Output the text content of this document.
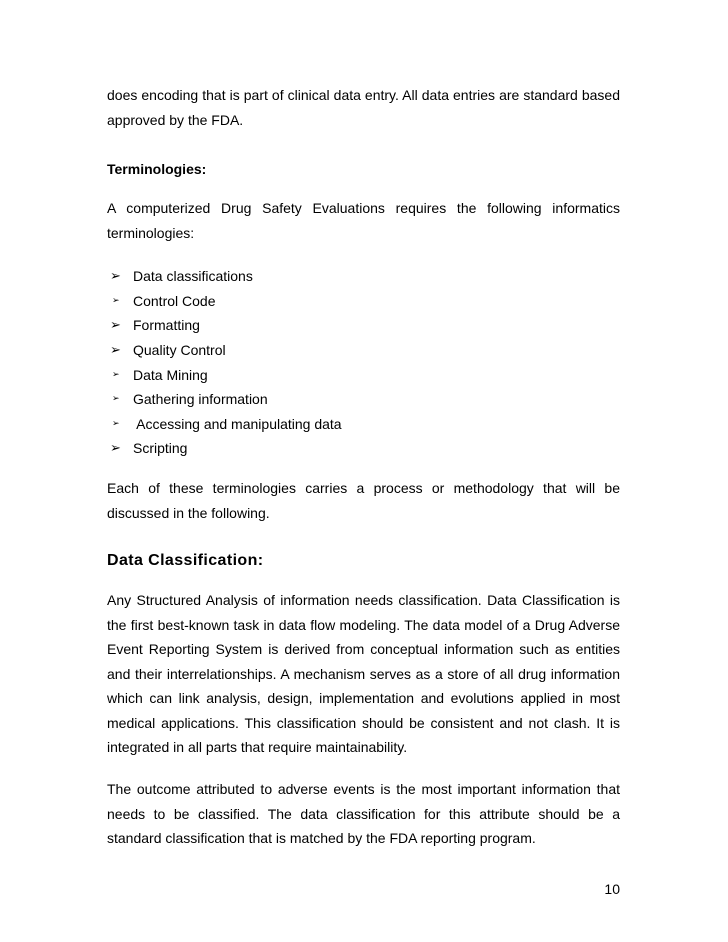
does encoding that is part of clinical data entry. All data entries are standard based approved by the FDA.

Terminologies:

A computerized Drug Safety Evaluations requires the following informatics terminologies:

➢ Data classifications
➢ Control Code
➢ Formatting
➢ Quality Control
➢ Data Mining
➢ Gathering information
➢ Accessing and manipulating data
➢ Scripting

Each of these terminologies carries a process or methodology that will be discussed in the following.

Data Classification:

Any Structured Analysis of information needs classification. Data Classification is the first best-known task in data flow modeling. The data model of a Drug Adverse Event Reporting System is derived from conceptual information such as entities and their interrelationships. A mechanism serves as a store of all drug information which can link analysis, design, implementation and evolutions applied in most medical applications. This classification should be consistent and not clash. It is integrated in all parts that require maintainability.

The outcome attributed to adverse events is the most important information that needs to be classified. The data classification for this attribute should be a standard classification that is matched by the FDA reporting program.

10
